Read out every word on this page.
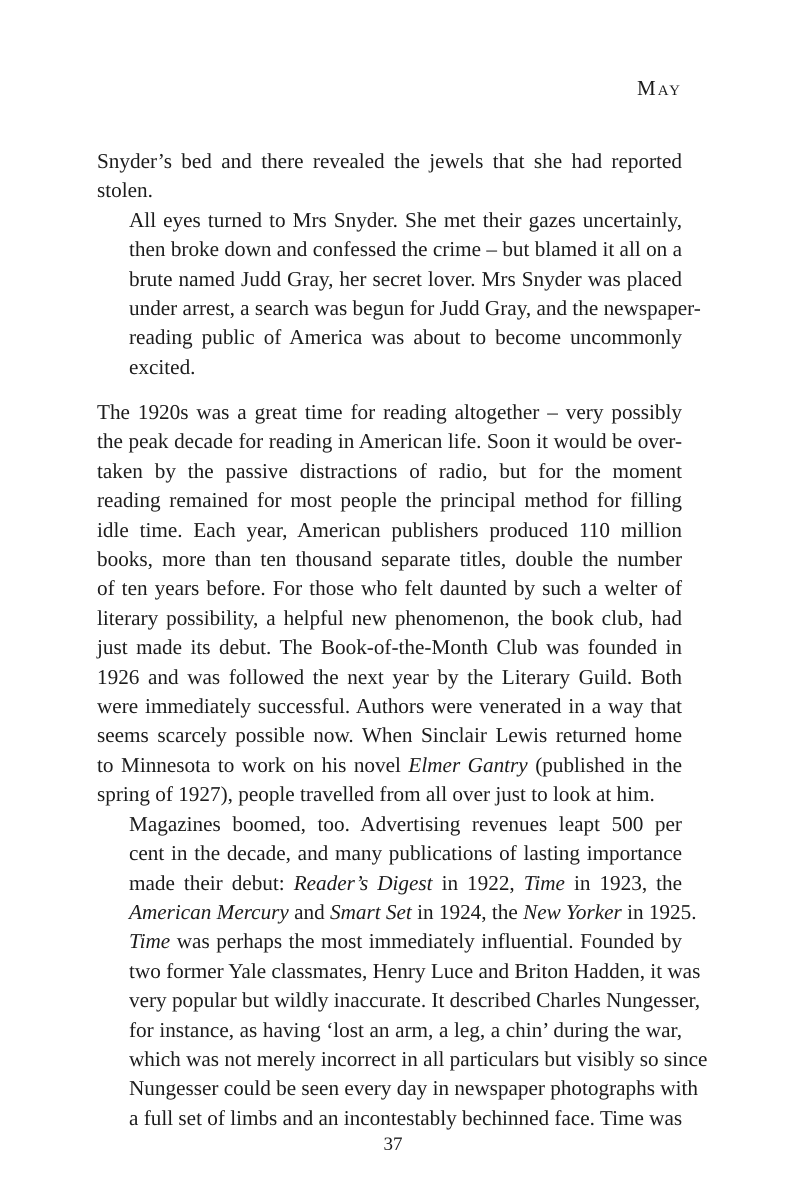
May

Snyder’s bed and there revealed the jewels that she had reported
stolen.

All eyes turned to Mrs Snyder. She met their gazes uncertainly,
then broke down and confessed the crime – but blamed it all on a
brute named Judd Gray, her secret lover. Mrs Snyder was placed
under arrest, a search was begun for Judd Gray, and the newspaper-
reading public of America was about to become uncommonly
excited.

The 1920s was a great time for reading altogether – very possibly
the peak decade for reading in American life. Soon it would be over-
taken by the passive distractions of radio, but for the moment
reading remained for most people the principal method for filling
idle time. Each year, American publishers produced 110 million
books, more than ten thousand separate titles, double the number
of ten years before. For those who felt daunted by such a welter of
literary possibility, a helpful new phenomenon, the book club, had
just made its debut. The Book-of-the-Month Club was founded in
1926 and was followed the next year by the Literary Guild. Both
were immediately successful. Authors were venerated in a way that
seems scarcely possible now. When Sinclair Lewis returned home
to Minnesota to work on his novel Elmer Gantry (published in the
spring of 1927), people travelled from all over just to look at him.

Magazines boomed, too. Advertising revenues leapt 500 per
cent in the decade, and many publications of lasting importance
made their debut: Reader’s Digest in 1922, Time in 1923, the
American Mercury and Smart Set in 1924, the New Yorker in 1925.
Time was perhaps the most immediately influential. Founded by
two former Yale classmates, Henry Luce and Briton Hadden, it was
very popular but wildly inaccurate. It described Charles Nungesser,
for instance, as having ‘lost an arm, a leg, a chin’ during the war,
which was not merely incorrect in all particulars but visibly so since
Nungesser could be seen every day in newspaper photographs with
a full set of limbs and an incontestably bechinned face. Time was

37
